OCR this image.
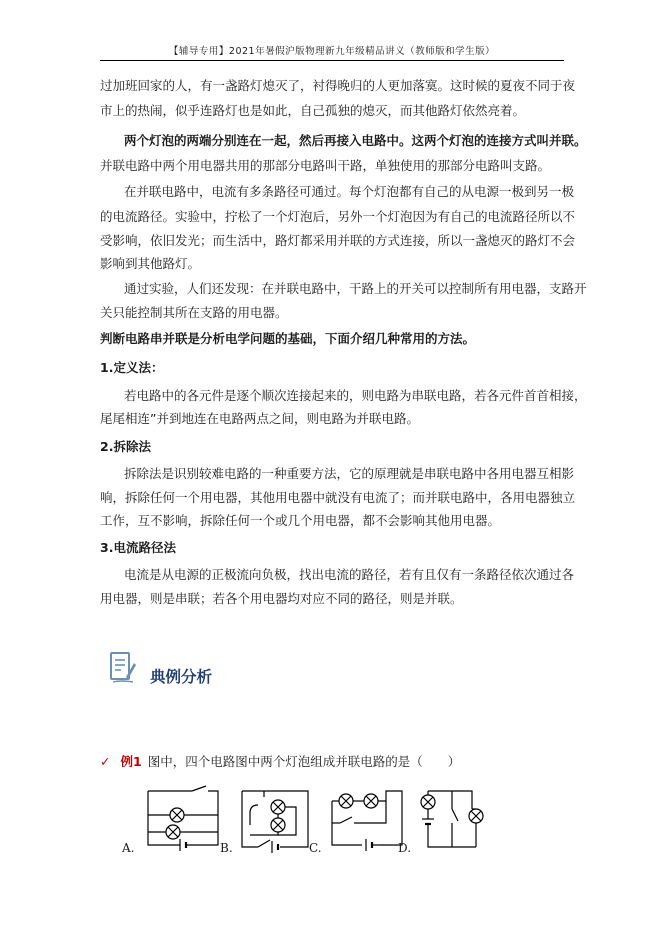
【辅导专用】2021年暑假沪版物理新九年级精品讲义（教师版和学生版）
过加班回家的人，有一盏路灯熄灭了，衬得晚归的人更加落寞。这时候的夏夜不同于夜
市上的热闹，似乎连路灯也是如此，自己孤独的熄灭，而其他路灯依然亮着。
两个灯泡的两端分别连在一起，然后再接入电路中。这两个灯泡的连接方式叫并联。
并联电路中两个用电器共用的那部分电路叫干路，单独使用的那部分电路叫支路。
在并联电路中，电流有多条路径可通过。每个灯泡都有自己的从电源一极到另一极
的电流路径。实验中，拧松了一个灯泡后，另外一个灯泡因为有自己的电流路径所以不
受影响，依旧发光；而生活中，路灯都采用并联的方式连接，所以一盏熄灭的路灯不会
影响到其他路灯。
通过实验，人们还发现：在并联电路中，干路上的开关可以控制所有用电器，支路开
关只能控制其所在支路的用电器。
判断电路串并联是分析电学问题的基础，下面介绍几种常用的方法。
1.定义法：
若电路中的各元件是逐个顺次连接起来的，则电路为串联电路，若各元件首首相接，
尾尾相连”并到地连在电路两点之间，则电路为并联电路。
2.拆除法
拆除法是识别较难电路的一种重要方法，它的原理就是串联电路中各用电器互相影
响，拆除任何一个用电器，其他用电器中就没有电流了；而并联电路中，各用电器独立
工作，互不影响，拆除任何一个或几个用电器，都不会影响其他用电器。
3.电流路径法
电流是从电源的正极流向负极，找出电流的路径，若有且仅有一条路径依次通过各
用电器，则是串联；若各个用电器均对应不同的路径，则是并联。
典例分析
✓ 例1 图中，四个电路图中两个灯泡组成并联电路的是（　　）
A.	B.	C.	D.
